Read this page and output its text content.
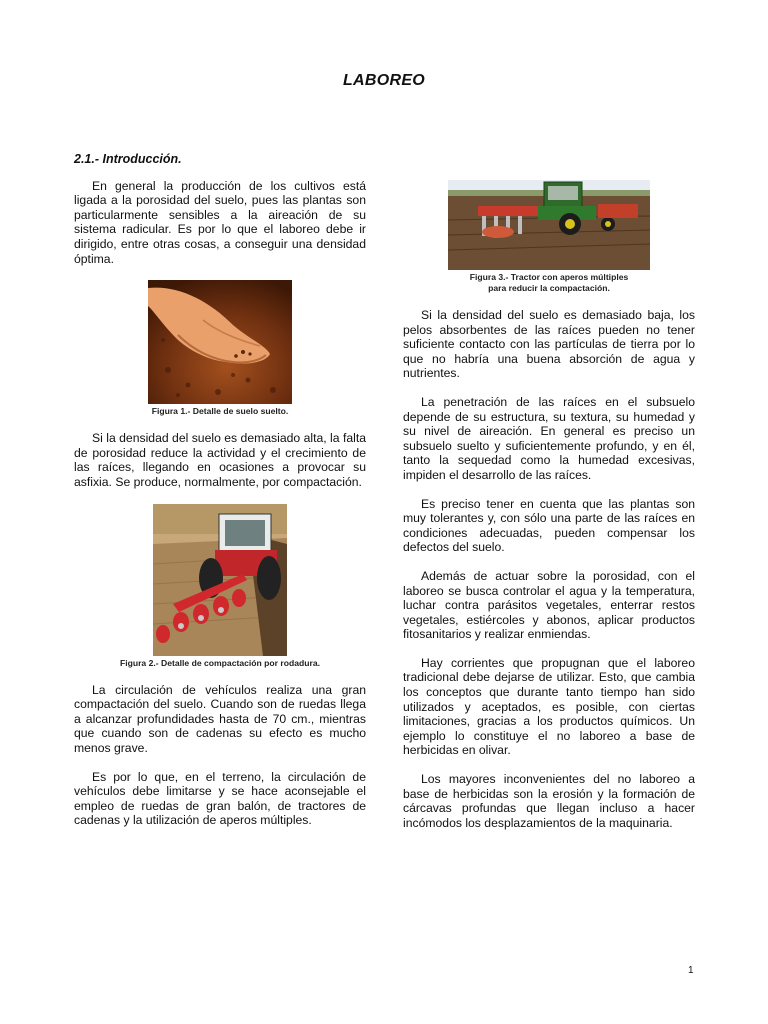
LABOREO
2.1.- Introducción.

En general la producción de los cultivos está ligada a la porosidad del suelo, pues las plantas son particularmente sensibles a la aireación de su sistema radicular. Es por lo que el laboreo debe ir dirigido, entre otras cosas, a conseguir una densidad óptima.

Figura 1.- Detalle de suelo suelto.

Si la densidad del suelo es demasiado alta, la falta de porosidad reduce la actividad y el crecimiento de las raíces, llegando en ocasiones a provocar su asfixia. Se produce, normalmente, por compactación.

Figura 2.- Detalle de compactación por rodadura.

La circulación de vehículos realiza una gran compactación del suelo. Cuando son de ruedas llega a alcanzar profundidades hasta de 70 cm., mientras que cuando son de cadenas su efecto es mucho menos grave.

Es por lo que, en el terreno, la circulación de vehículos debe limitarse y se hace aconsejable el empleo de ruedas de gran balón, de tractores de cadenas y la utilización de aperos múltiples.

Figura 3.- Tractor con aperos múltiples
para reducir la compactación.

Si la densidad del suelo es demasiado baja, los pelos absorbentes de las raíces pueden no tener suficiente contacto con las partículas de tierra por lo que no habría una buena absorción de agua y nutrientes.

La penetración de las raíces en el subsuelo depende de su estructura, su textura, su humedad y su nivel de aireación. En general es preciso un subsuelo suelto y suficientemente profundo, y en él, tanto la sequedad como la humedad excesivas, impiden el desarrollo de las raíces.

Es preciso tener en cuenta que las plantas son muy tolerantes y, con sólo una parte de las raíces en condiciones adecuadas, pueden compensar los defectos del suelo.

Además de actuar sobre la porosidad, con el laboreo se busca controlar el agua y la temperatura, luchar contra parásitos vegetales, enterrar restos vegetales, estiércoles y abonos, aplicar productos fitosanitarios y realizar enmiendas.

Hay corrientes que propugnan que el laboreo tradicional debe dejarse de utilizar. Esto, que cambia los conceptos que durante tanto tiempo han sido utilizados y aceptados, es posible, con ciertas limitaciones, gracias a los productos químicos. Un ejemplo lo constituye el no laboreo a base de herbicidas en olivar.

Los mayores inconvenientes del no laboreo a base de herbicidas son la erosión y la formación de cárcavas profundas que llegan incluso a hacer incómodos los desplazamientos de la maquinaria.

1
